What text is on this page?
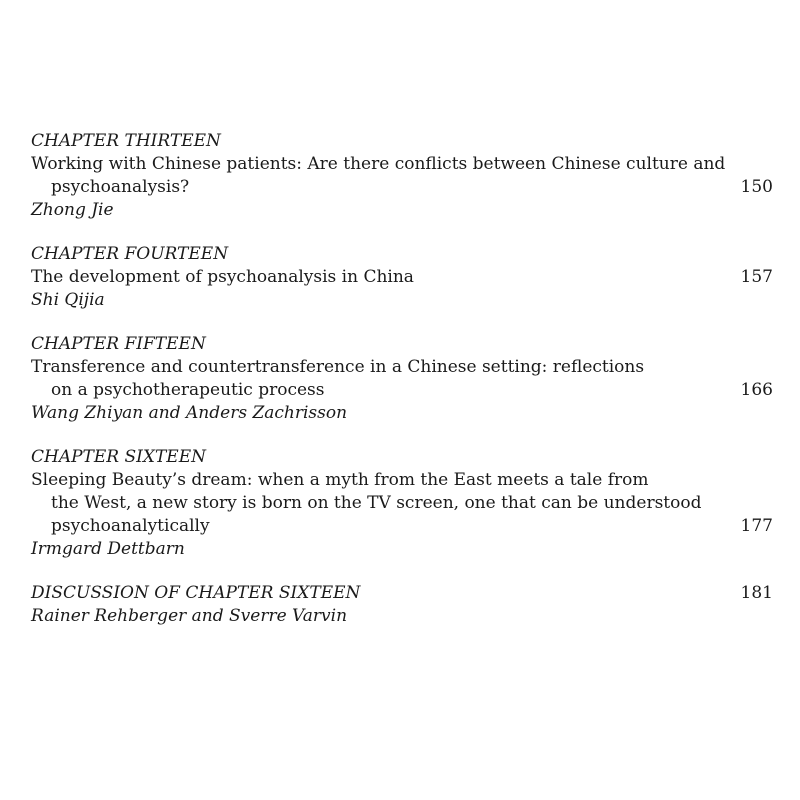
CHAPTER THIRTEEN
Working with Chinese patients: Are there conflicts between Chinese culture and
psychoanalysis?	150
Zhong Jie
CHAPTER FOURTEEN
The development of psychoanalysis in China	157
Shi Qijia
CHAPTER FIFTEEN
Transference and countertransference in a Chinese setting: reflections
on a psychotherapeutic process	166
Wang Zhiyan and Anders Zachrisson
CHAPTER SIXTEEN
Sleeping Beauty’s dream: when a myth from the East meets a tale from
the West, a new story is born on the TV screen, one that can be understood
psychoanalytically	177
Irmgard Dettbarn
DISCUSSION OF CHAPTER SIXTEEN	181
Rainer Rehberger and Sverre Varvin
